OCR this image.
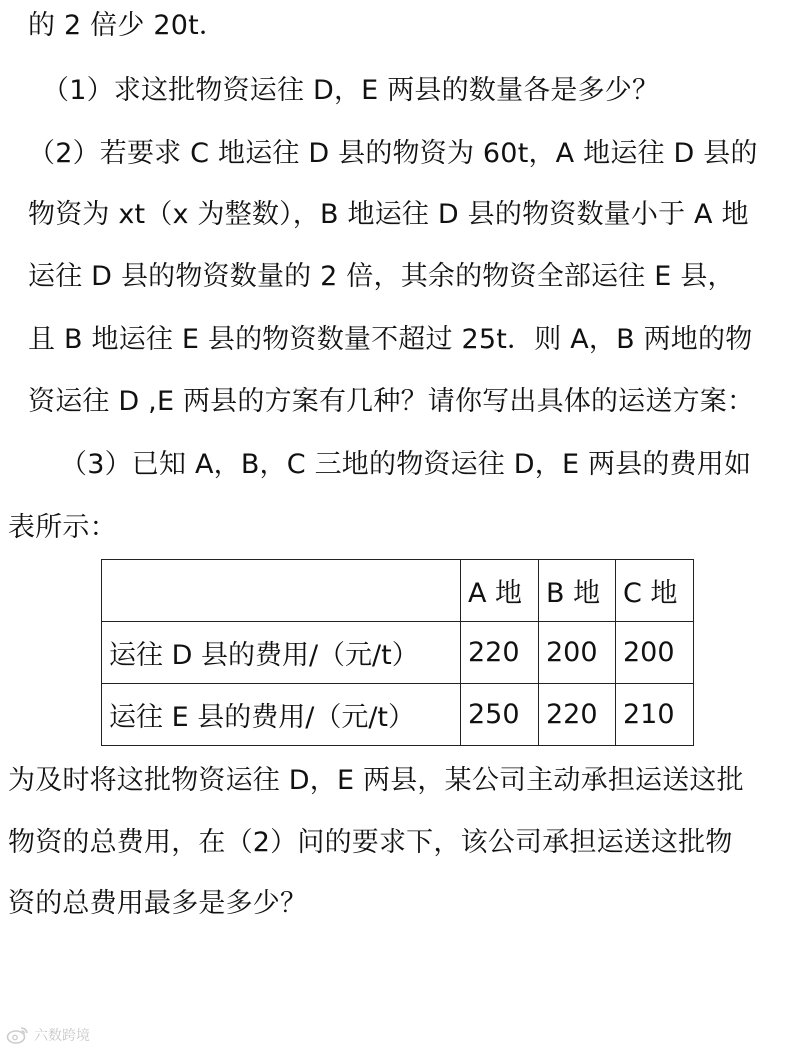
的 2 倍少 20t．
（1）求这批物资运往 D，E 两县的数量各是多少？
（2）若要求 C 地运往 D 县的物资为 60t，A 地运往 D 县的
物资为 xt（x 为整数），B 地运往 D 县的物资数量小于 A 地
运往 D 县的物资数量的 2 倍，其余的物资全部运往 E 县，
且 B 地运往 E 县的物资数量不超过 25t．则 A，B 两地的物
资运往 D ,E 两县的方案有几种？请你写出具体的运送方案：
（3）已知 A，B，C 三地的物资运往 D，E 两县的费用如
表所示：
	A 地	B 地	C 地
运往 D 县的费用/（元/t）	220	200	200
运往 E 县的费用/（元/t）	250	220	210
为及时将这批物资运往 D，E 两县，某公司主动承担运送这批
物资的总费用，在（2）问的要求下，该公司承担运送这批物
资的总费用最多是多少？
六数跨境
